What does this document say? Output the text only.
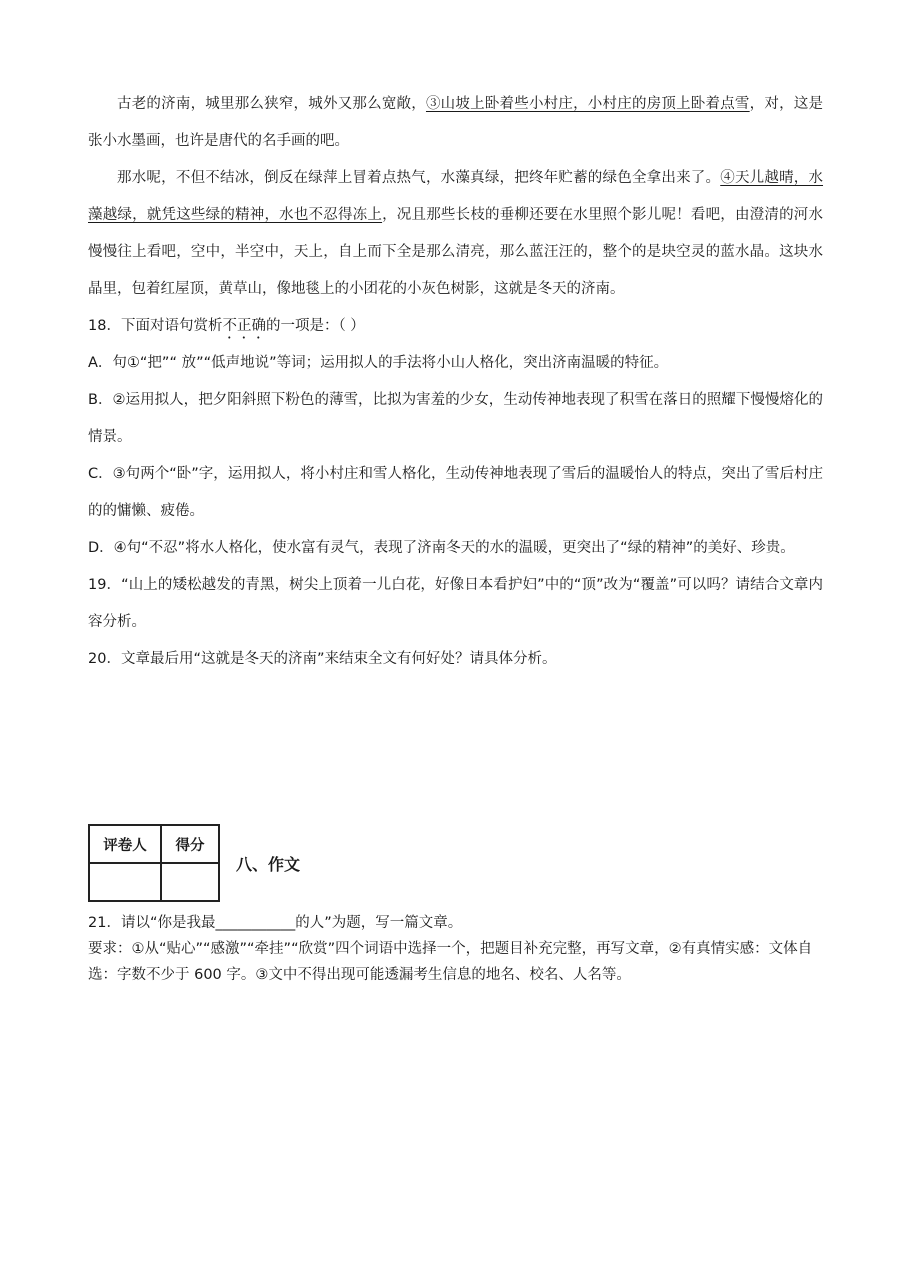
古老的济南，城里那么狭窄，城外又那么宽敞，③山坡上卧着些小村庄，小村庄的房顶上卧着点雪，对，这是张小水墨画，也许是唐代的名手画的吧。

那水呢，不但不结冰，倒反在绿萍上冒着点热气，水藻真绿，把终年贮蓄的绿色全拿出来了。④天儿越晴，水藻越绿，就凭这些绿的精神，水也不忍得冻上，况且那些长枝的垂柳还要在水里照个影儿呢！看吧，由澄清的河水慢慢往上看吧，空中，半空中，天上，自上而下全是那么清亮，那么蓝汪汪的，整个的是块空灵的蓝水晶。这块水晶里，包着红屋顶，黄草山，像地毯上的小团花的小灰色树影，这就是冬天的济南。

18．下面对语句赏析不正确的一项是：（ ）

A．句①“把”“ 放”“低声地说”等词；运用拟人的手法将小山人格化，突出济南温暖的特征。

B．②运用拟人，把夕阳斜照下粉色的薄雪，比拟为害羞的少女，生动传神地表现了积雪在落日的照耀下慢慢熔化的情景。

C．③句两个“卧”字，运用拟人，将小村庄和雪人格化，生动传神地表现了雪后的温暖怡人的特点，突出了雪后村庄的的慵懒、疲倦。

D．④句“不忍”将水人格化，使水富有灵气，表现了济南冬天的水的温暖，更突出了“绿的精神”的美好、珍贵。

19．“山上的矮松越发的青黑，树尖上顶着一儿白花，好像日本看护妇”中的“顶”改为“覆盖”可以吗？请结合文章内容分析。

20．文章最后用“这就是冬天的济南”来结束全文有何好处？请具体分析。

评卷人	得分

八、作文

21．请以“你是我最___________的人”为题，写一篇文章。

要求：①从“贴心”“感激”“牵挂”“欣赏”四个词语中选择一个，把题目补充完整，再写文章，②有真情实感：文体自选：字数不少于 600 字。③文中不得出现可能透漏考生信息的地名、校名、人名等。
